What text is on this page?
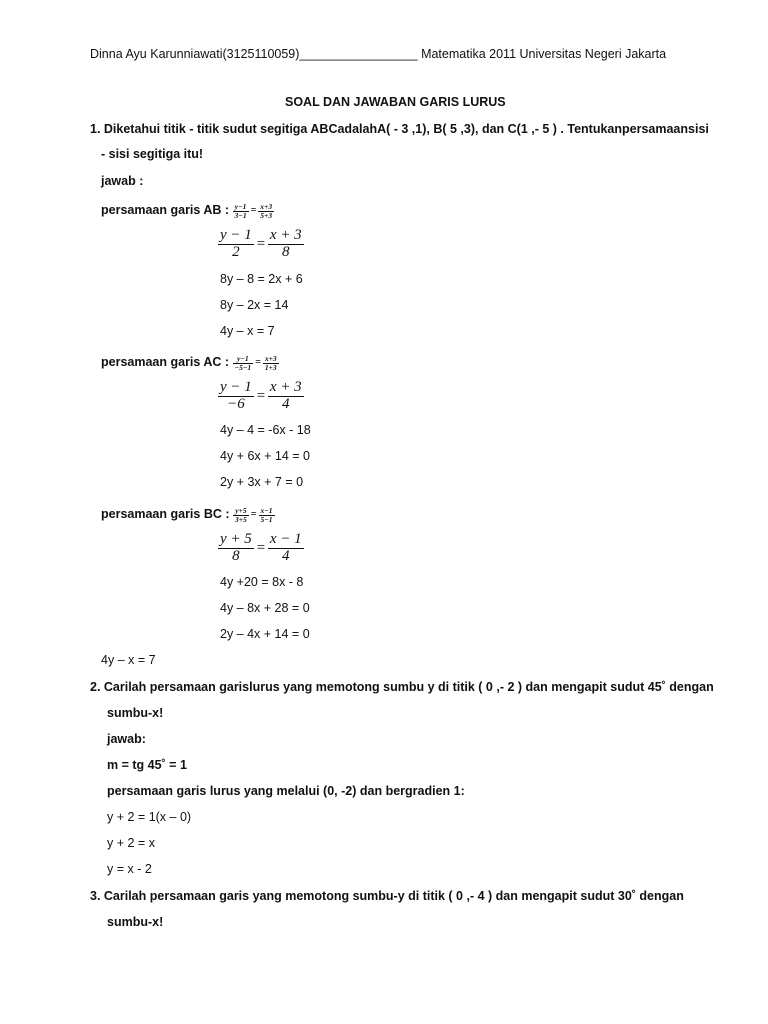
Dinna Ayu Karunniawati(3125110059)_________________ Matematika 2011 Universitas Negeri Jakarta
SOAL DAN JAWABAN GARIS LURUS
1. Diketahui titik - titik sudut segitiga ABCadalahA( - 3 ,1), B( 5 ,3), dan C(1 ,- 5 ) . Tentukanpersamaansisi
- sisi segitiga itu!
jawab :
persamaan garis AB : $\frac{y-1}{3-1} = \frac{x+3}{5+3}$
$\frac{y - 1}{2} = \frac{x + 3}{8}$
8y – 8 = 2x + 6
8y – 2x = 14
4y – x = 7
persamaan garis AC : $\frac{y-1}{-5-1} = \frac{x+3}{1+3}$
$\frac{y - 1}{-6} = \frac{x + 3}{4}$
4y – 4 = -6x - 18
4y + 6x + 14 = 0
2y + 3x + 7 = 0
persamaan garis BC : $\frac{y+5}{3+5} = \frac{x-1}{5-1}$
$\frac{y + 5}{8} = \frac{x - 1}{4}$
4y +20 = 8x - 8
4y – 8x + 28 = 0
2y – 4x + 14 = 0
4y – x = 7
2. Carilah persamaan garislurus yang memotong sumbu y di titik ( 0 ,- 2 ) dan mengapit sudut 45˚ dengan
sumbu-x!
jawab:
m = tg 45˚ = 1
persamaan garis lurus yang melalui (0, -2) dan bergradien 1:
y + 2 = 1(x – 0)
y + 2 = x
y = x - 2
3. Carilah persamaan garis yang memotong sumbu-y di titik ( 0 ,- 4 ) dan mengapit sudut 30˚ dengan
sumbu-x!
